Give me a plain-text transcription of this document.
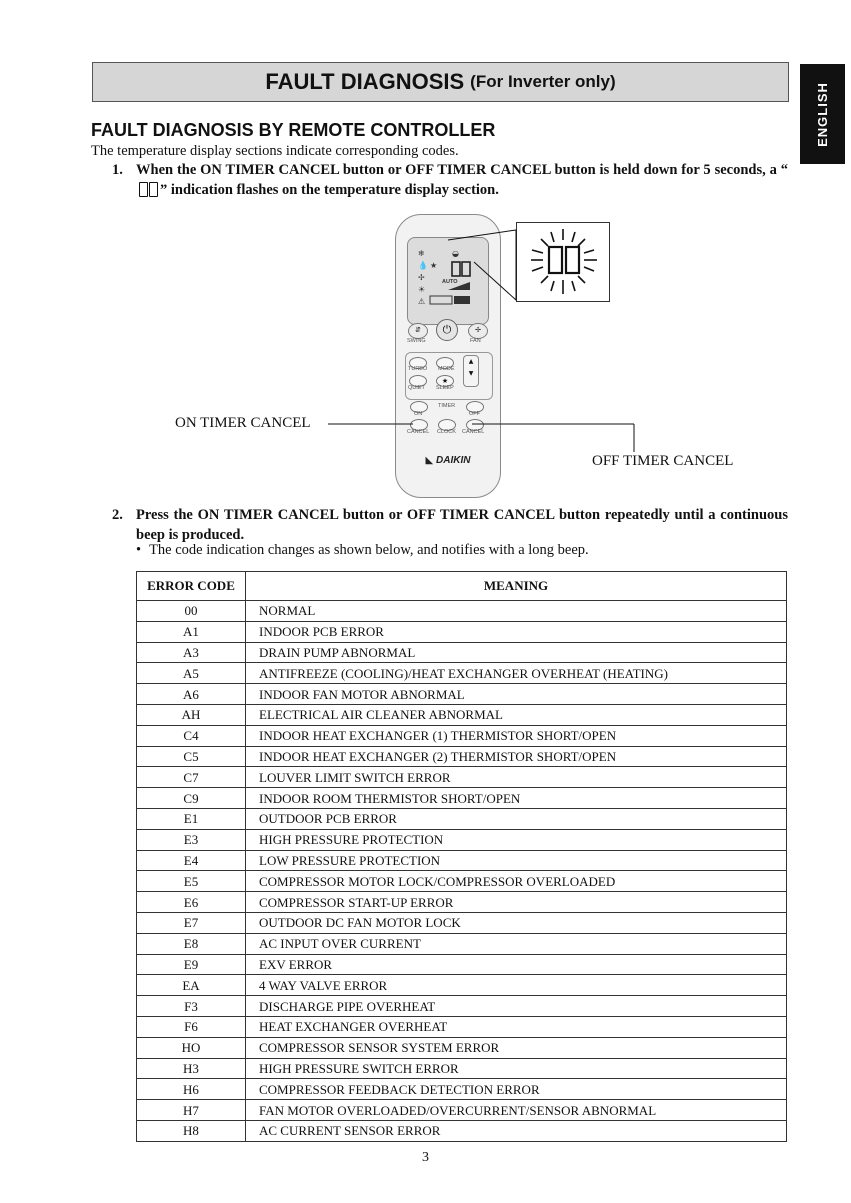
FAULT DIAGNOSIS (For Inverter only)
ENGLISH
FAULT DIAGNOSIS BY REMOTE CONTROLLER
The temperature display sections indicate corresponding codes.
1. When the ON TIMER CANCEL button or OFF TIMER CANCEL button is held down for 5 seconds, a “
” indication flashes on the temperature display section.
❄
💧
✢
☀
⚠
★
◒
AUTO
⇵
SWING
⏻	✢
FAN
TURBO MODE
QUIET
★
SLEEP
▲
▼
TIMER
ON	OFF
CANCEL CLOCK CANCEL
◣ DAIKIN
ON TIMER CANCEL
OFF TIMER CANCEL
2. Press the ON TIMER CANCEL button or OFF TIMER CANCEL button repeatedly until a continuous beep is produced.
• The code indication changes as shown below, and notifies with a long beep.
ERROR CODE	MEANING
00	NORMAL
A1	INDOOR PCB ERROR
A3	DRAIN PUMP ABNORMAL
A5	ANTIFREEZE (COOLING)/HEAT EXCHANGER OVERHEAT (HEATING)
A6	INDOOR FAN MOTOR ABNORMAL
AH	ELECTRICAL AIR CLEANER ABNORMAL
C4	INDOOR HEAT EXCHANGER (1) THERMISTOR SHORT/OPEN
C5	INDOOR HEAT EXCHANGER (2) THERMISTOR SHORT/OPEN
C7	LOUVER LIMIT SWITCH ERROR
C9	INDOOR ROOM THERMISTOR SHORT/OPEN
E1	OUTDOOR PCB ERROR
E3	HIGH PRESSURE PROTECTION
E4	LOW PRESSURE PROTECTION
E5	COMPRESSOR MOTOR LOCK/COMPRESSOR OVERLOADED
E6	COMPRESSOR START-UP ERROR
E7	OUTDOOR DC FAN MOTOR LOCK
E8	AC INPUT OVER CURRENT
E9	EXV ERROR
EA	4 WAY VALVE ERROR
F3	DISCHARGE PIPE OVERHEAT
F6	HEAT EXCHANGER OVERHEAT
HO	COMPRESSOR SENSOR SYSTEM ERROR
H3	HIGH PRESSURE SWITCH ERROR
H6	COMPRESSOR FEEDBACK DETECTION ERROR
H7	FAN MOTOR OVERLOADED/OVERCURRENT/SENSOR ABNORMAL
H8	AC CURRENT SENSOR ERROR
3
